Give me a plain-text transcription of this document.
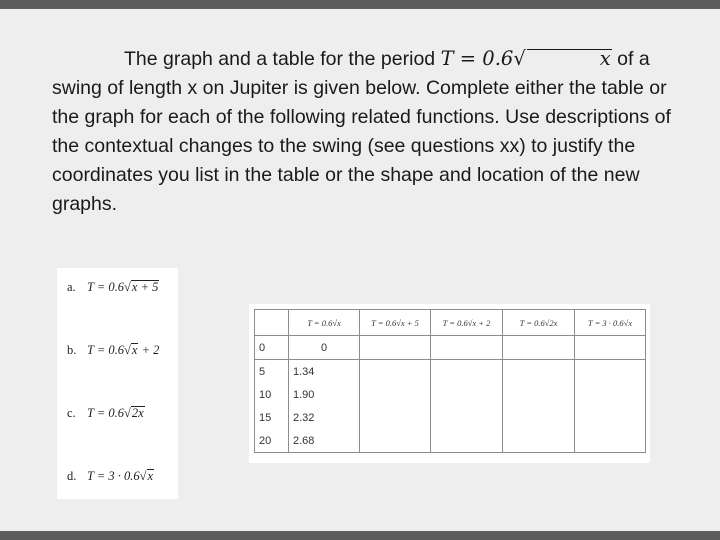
The graph and a table for the period T = 0.6√	x of a swing of length x on Jupiter is given below. Complete either the table or the graph for each of the following related functions. Use descriptions of the contextual changes to the swing (see questions xx) to justify the coordinates you list in the table or the shape and location of the new graphs.

a. T = 0.6√x + 5
b. T = 0.6√x + 2
c. T = 0.6√2x
d. T = 3 · 0.6√x
	T = 0.6√x	T = 0.6√x + 5	T = 0.6√x + 2	T = 0.6√2x	T = 3 · 0.6√x
0	0				
5	1.34				
10	1.90				
15	2.32				
20	2.68				
